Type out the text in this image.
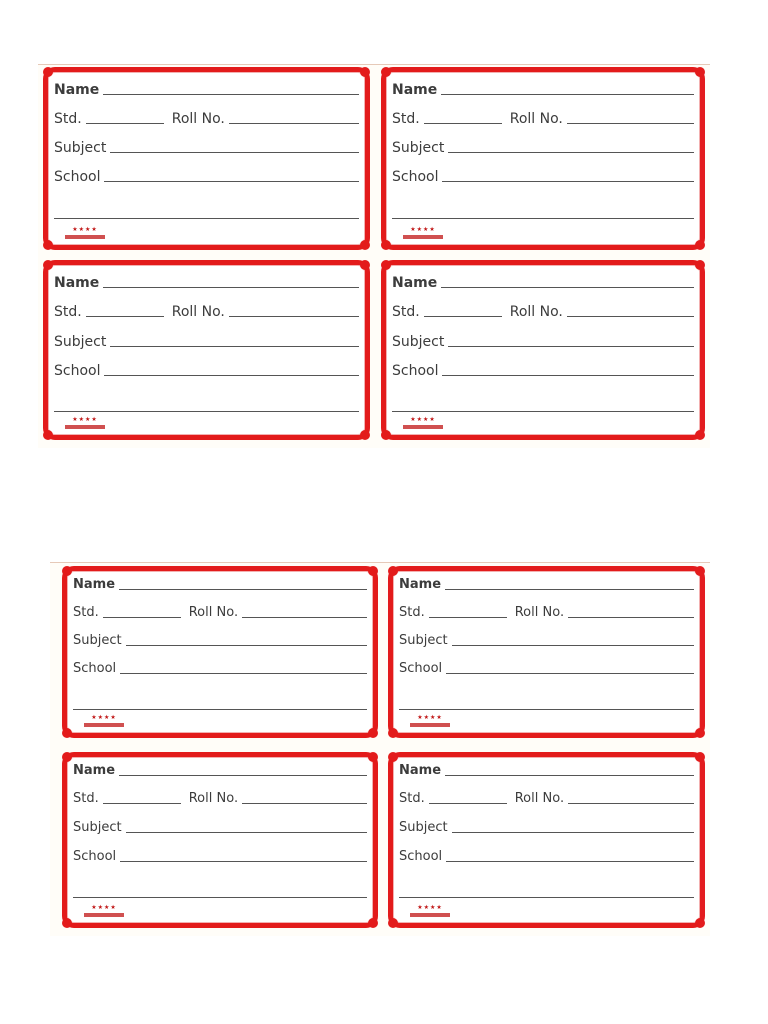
Name
Std.	Roll No.
Subject
School
★★★★
Name
Std.	Roll No.
Subject
School
★★★★
Name
Std.	Roll No.
Subject
School
★★★★
Name
Std.	Roll No.
Subject
School
★★★★
Name
Std.	Roll No.
Subject
School
★★★★
Name
Std.	Roll No.
Subject
School
★★★★
Name
Std.	Roll No.
Subject
School
★★★★
Name
Std.	Roll No.
Subject
School
★★★★
